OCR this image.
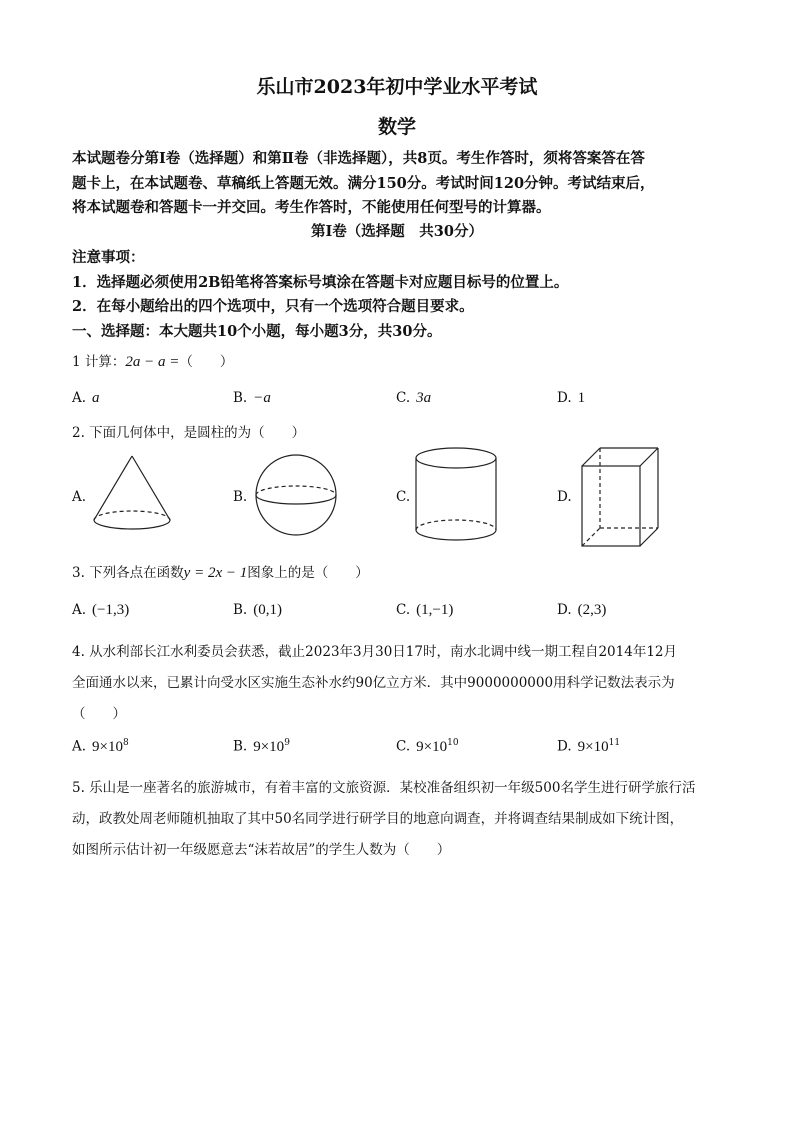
乐山市2023年初中学业水平考试
数学
本试题卷分第Ⅰ卷（选择题）和第Ⅱ卷（非选择题），共8页。考生作答时，须将答案答在答
题卡上，在本试题卷、草稿纸上答题无效。满分150分。考试时间120分钟。考试结束后，
将本试题卷和答题卡一并交回。考生作答时，不能使用任何型号的计算器。
第Ⅰ卷（选择题　共30分）
注意事项：
1．选择题必须使用2B铅笔将答案标号填涂在答题卡对应题目标号的位置上。
2．在每小题给出的四个选项中，只有一个选项符合题目要求。
一、选择题：本大题共10个小题，每小题3分，共30分。
1 计算：2a − a =（　　）
A. a	B. −a	C. 3a	D. 1
2. 下面几何体中，是圆柱的为（　　）
A.	B.	C.	D.
3. 下列各点在函数y = 2x − 1图象上的是（　　）
A. (−1,3)	B. (0,1)	C. (1,−1)	D. (2,3)
4. 从水利部长江水利委员会获悉，截止2023年3月30日17时，南水北调中线一期工程自2014年12月
全面通水以来，已累计向受水区实施生态补水约90亿立方米．其中9000000000用科学记数法表示为
（　　）
A. $9\times 10^8$	B. $9\times 10^9$	C. $9\times 10^{10}$	D. $9\times 10^{11}$
5. 乐山是一座著名的旅游城市，有着丰富的文旅资源．某校准备组织初一年级500名学生进行研学旅行活
动，政教处周老师随机抽取了其中50名同学进行研学目的地意向调查，并将调查结果制成如下统计图，
如图所示估计初一年级愿意去“沫若故居”的学生人数为（　　）
